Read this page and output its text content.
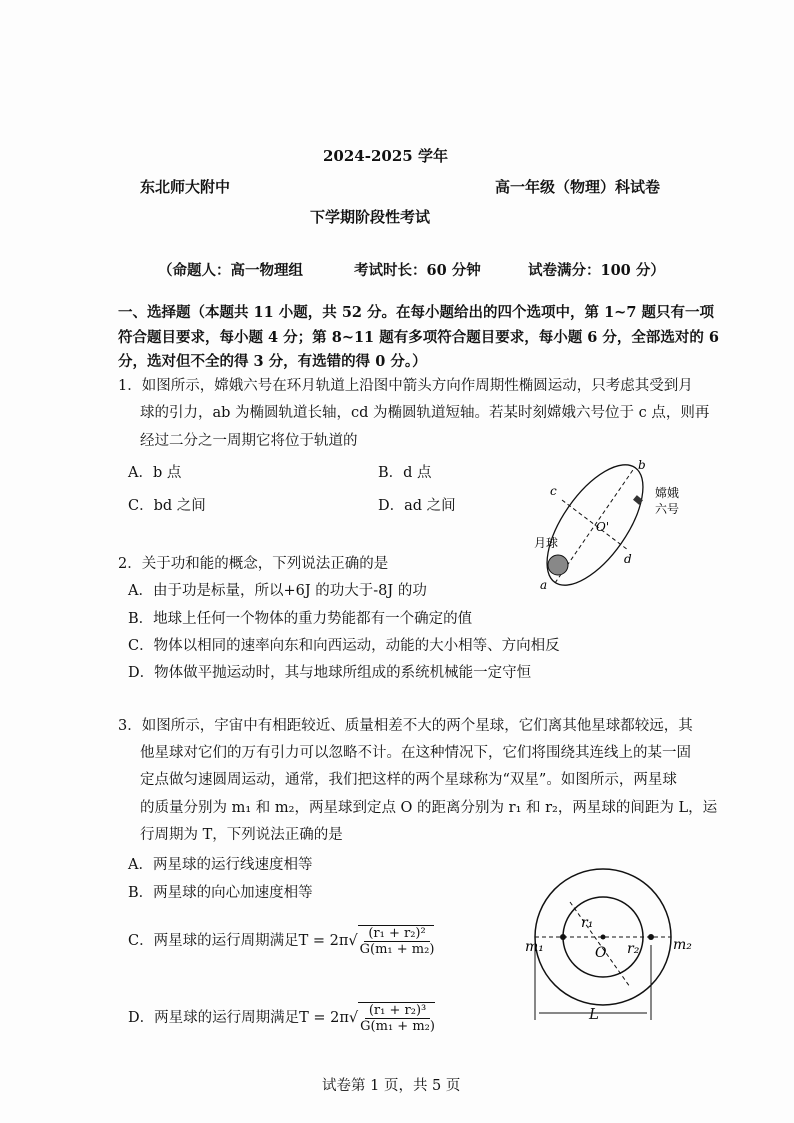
2024-2025 学年
东北师大附中	高一年级（物理）科试卷
下学期阶段性考试
（命题人：高一物理组	考试时长：60 分钟	试卷满分：100 分）
一、选择题（本题共 11 小题，共 52 分。在每小题给出的四个选项中，第 1~7 题只有一项
符合题目要求，每小题 4 分；第 8~11 题有多项符合题目要求，每小题 6 分，全部选对的 6
分，选对但不全的得 3 分，有选错的得 0 分。）
1．如图所示，嫦娥六号在环月轨道上沿图中箭头方向作周期性椭圆运动，只考虑其受到月
球的引力，ab 为椭圆轨道长轴，cd 为椭圆轨道短轴。若某时刻嫦娥六号位于 c 点，则再
经过二分之一周期它将位于轨道的
A．b 点	B．d 点
C．bd 之间	D．ad 之间
b
c
O'
d
a
月球
嫦娥
六号
2．关于功和能的概念，下列说法正确的是
A．由于功是标量，所以+6J 的功大于-8J 的功
B．地球上任何一个物体的重力势能都有一个确定的值
C．物体以相同的速率向东和向西运动，动能的大小相等、方向相反
D．物体做平抛运动时，其与地球所组成的系统机械能一定守恒
3．如图所示，宇宙中有相距较近、质量相差不大的两个星球，它们离其他星球都较远，其
他星球对它们的万有引力可以忽略不计。在这种情况下，它们将围绕其连线上的某一固
定点做匀速圆周运动，通常，我们把这样的两个星球称为“双星”。如图所示，两星球
的质量分别为 m₁ 和 m₂，两星球到定点 O 的距离分别为 r₁ 和 r₂，两星球的间距为 L，运
行周期为 T，下列说法正确的是
A．两星球的运行线速度相等
B．两星球的向心加速度相等
C．两星球的运行周期满足$T = 2\pi√ \frac{\text{(r₁ + r₂)²}}{\text{G(m₁ + m₂)}}$
D．两星球的运行周期满足$T = 2\pi√ \frac{\text{(r₁ + r₂)³}}{\text{G(m₁ + m₂)}}$
m₁	m₂
r₁
r₂
O
L
试卷第 1 页，共 5 页
